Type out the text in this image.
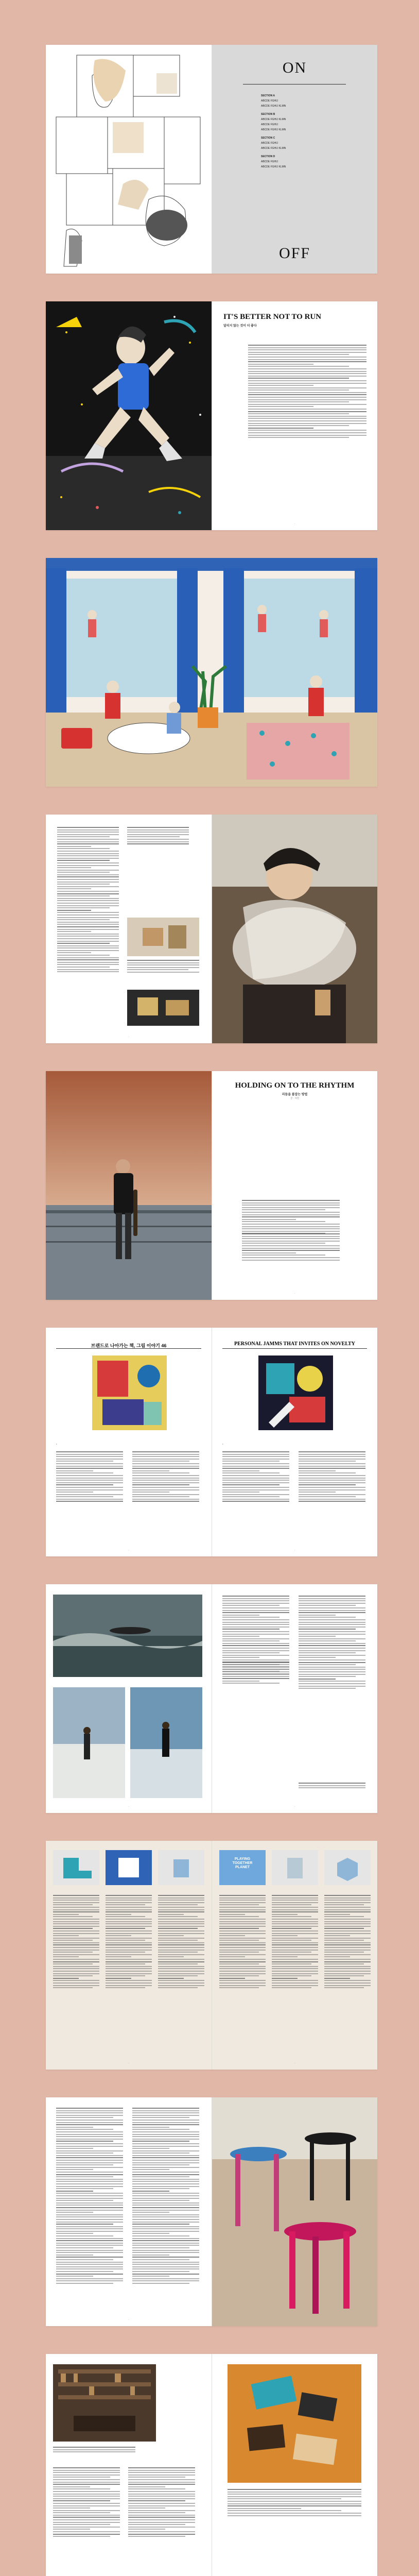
ON
SECTION A
ABCDE FGHIJ
ABCDE FGHIJ KLMN
SECTION B
ABCDE FGHIJ KLMN
ABCDE FGHIJ
ABCDE FGHIJ KLMN
SECTION C
ABCDE FGHIJ
ABCDE FGHIJ KLMN
SECTION D
ABCDE FGHIJ
ABCDE FGHIJ KLMN
OFF
IT'S BETTER NOT TO RUN
달리지 않는 것이 더 좋다
·
·
HOLDING ON TO THE RHYTHM
리듬을 붙잡는 방법
글 · 사진
·
브랜드로 나아가는 책, 그림 이야기 46
·
·
PERSONAL JAMMS THAT INVITES ON NOVELTY
·
·
·	·
·
PLAYING
TOGETHER
PLANET
·
·
